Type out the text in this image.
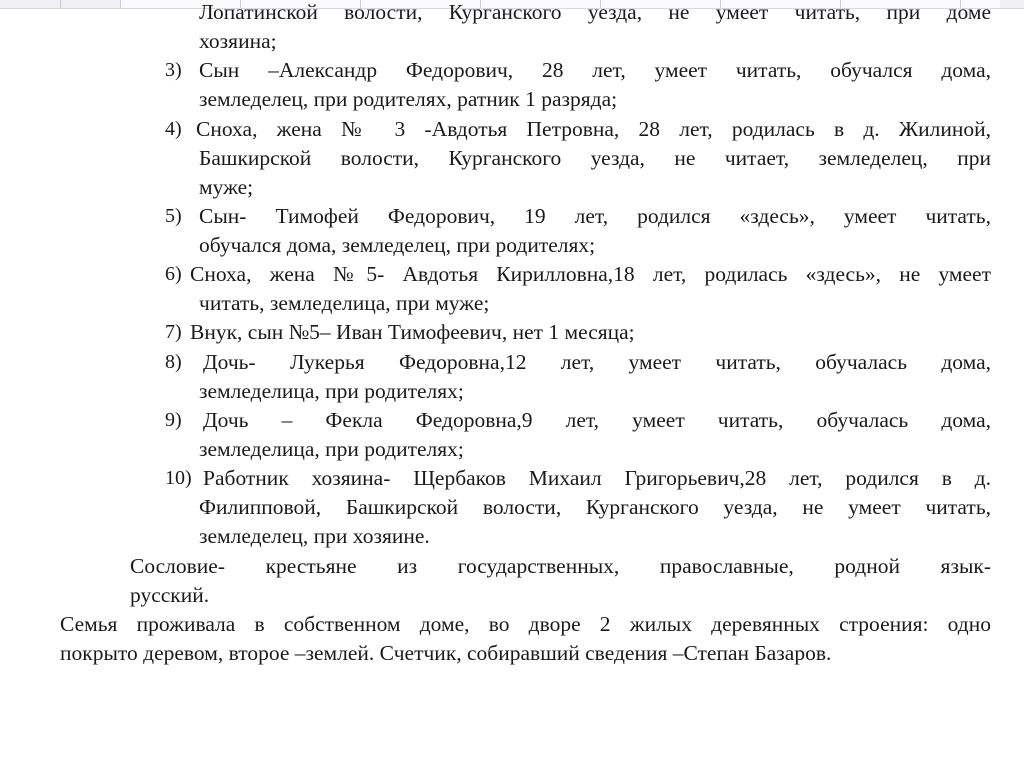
Лопатинской волости, Курганского уезда, не умеет читать, при доме
хозяина;
3) Сын –Александр Федорович, 28 лет, умеет читать, обучался дома,
земледелец, при родителях, ратник 1 разряда;
4) Сноха, жена № 3 -Авдотья Петровна, 28 лет, родилась в д. Жилиной,
Башкирской волости, Курганского уезда, не читает, земледелец, при
муже;
5) Сын- Тимофей Федорович, 19 лет, родился «здесь», умеет читать,
обучался дома, земледелец, при родителях;
6) Сноха, жена №5- Авдотья Кирилловна,18 лет, родилась «здесь», не умеет
читать, земледелица, при муже;
7) Внук, сын №5– Иван Тимофеевич, нет 1 месяца;
8) Дочь- Лукерья Федоровна,12 лет, умеет читать, обучалась дома,
земледелица, при родителях;
9) Дочь – Фекла Федоровна,9 лет, умеет читать, обучалась дома,
земледелица, при родителях;
10) Работник хозяина- Щербаков Михаил Григорьевич,28 лет, родился в д.
Филипповой, Башкирской волости, Курганского уезда, не умеет читать,
земледелец, при хозяине.
Сословие- крестьяне из государственных, православные, родной язык-
русский.
Семья проживала в собственном доме, во дворе 2 жилых деревянных строения: одно
покрыто деревом, второе –землей. Счетчик, собиравший сведения –Степан Базаров.
